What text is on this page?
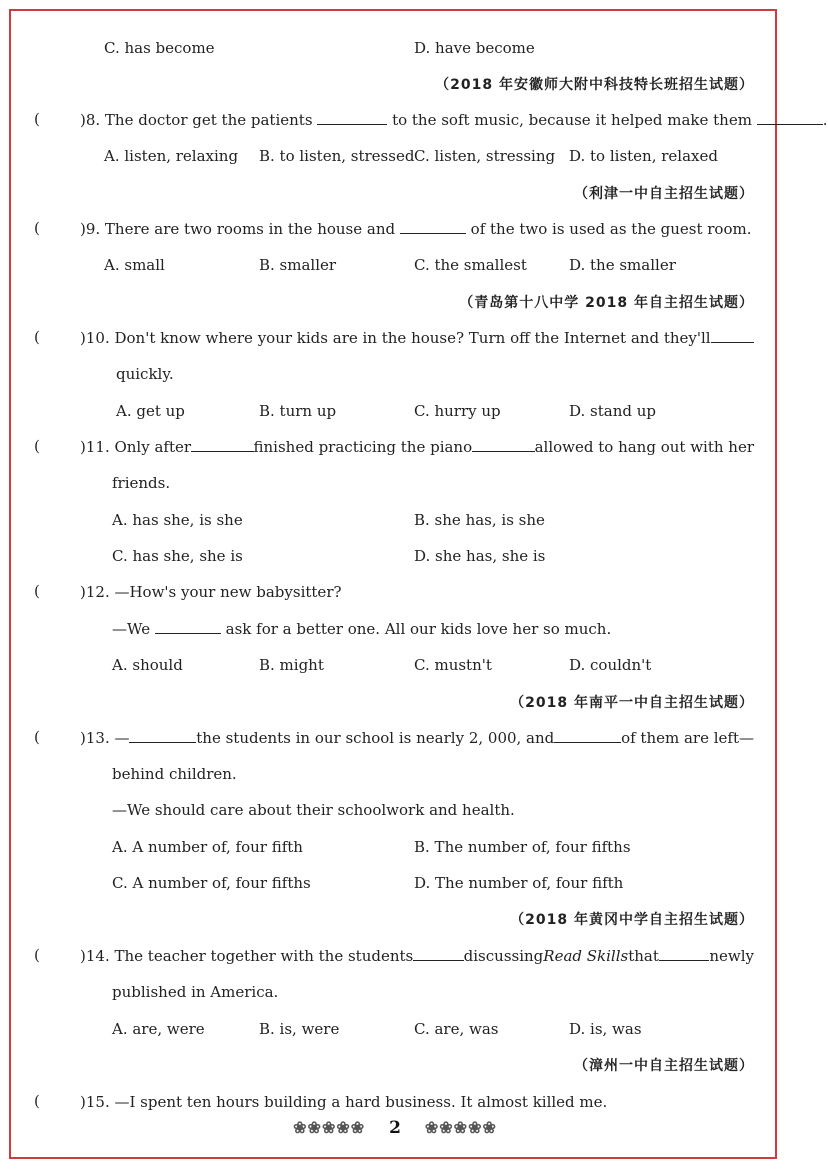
C. has become	D. have become
（2018 年安徽师大附中科技特长班招生试题）
(	)8. The doctor get the patients	to the soft music, because it helped make them	.
A. listen, relaxing B. to listen, stressed C. listen, stressing D. to listen, relaxed
（利津一中自主招生试题）
(	)9. There are two rooms in the house and	of the two is used as the guest room.
A. small	B. smaller	C. the smallest	D. the smaller
（青岛第十八中学 2018 年自主招生试题）
(	)10. Don't know where your kids are in the house? Turn off the Internet and they'll
quickly.
A. get up	B. turn up	C. hurry up	D. stand up
(	)11. Only after	finished practicing the piano	allowed to hang out with her
friends.
A. has she, is she	B. she has, is she
C. has she, she is	D. she has, she is
(	)12. —How's your new babysitter?
—We	ask for a better one. All our kids love her so much.
A. should	B. might	C. mustn't	D. couldn't
（2018 年南平一中自主招生试题）
(	)13. —	the students in our school is nearly 2, 000, and	of them are left—
behind children.
—We should care about their schoolwork and health.
A. A number of, four fifth	B. The number of, four fifths
C. A number of, four fifths	D. The number of, four fifth
（2018 年黄冈中学自主招生试题）
(	)14. The teacher together with the students	discussing Read Skills that	newly
published in America.
A. are, were	B. is, were	C. are, was	D. is, was
（漳州一中自主招生试题）
(	)15. —I spent ten hours building a hard business. It almost killed me.
❀❀❀❀❀ 2 ❀❀❀❀❀
